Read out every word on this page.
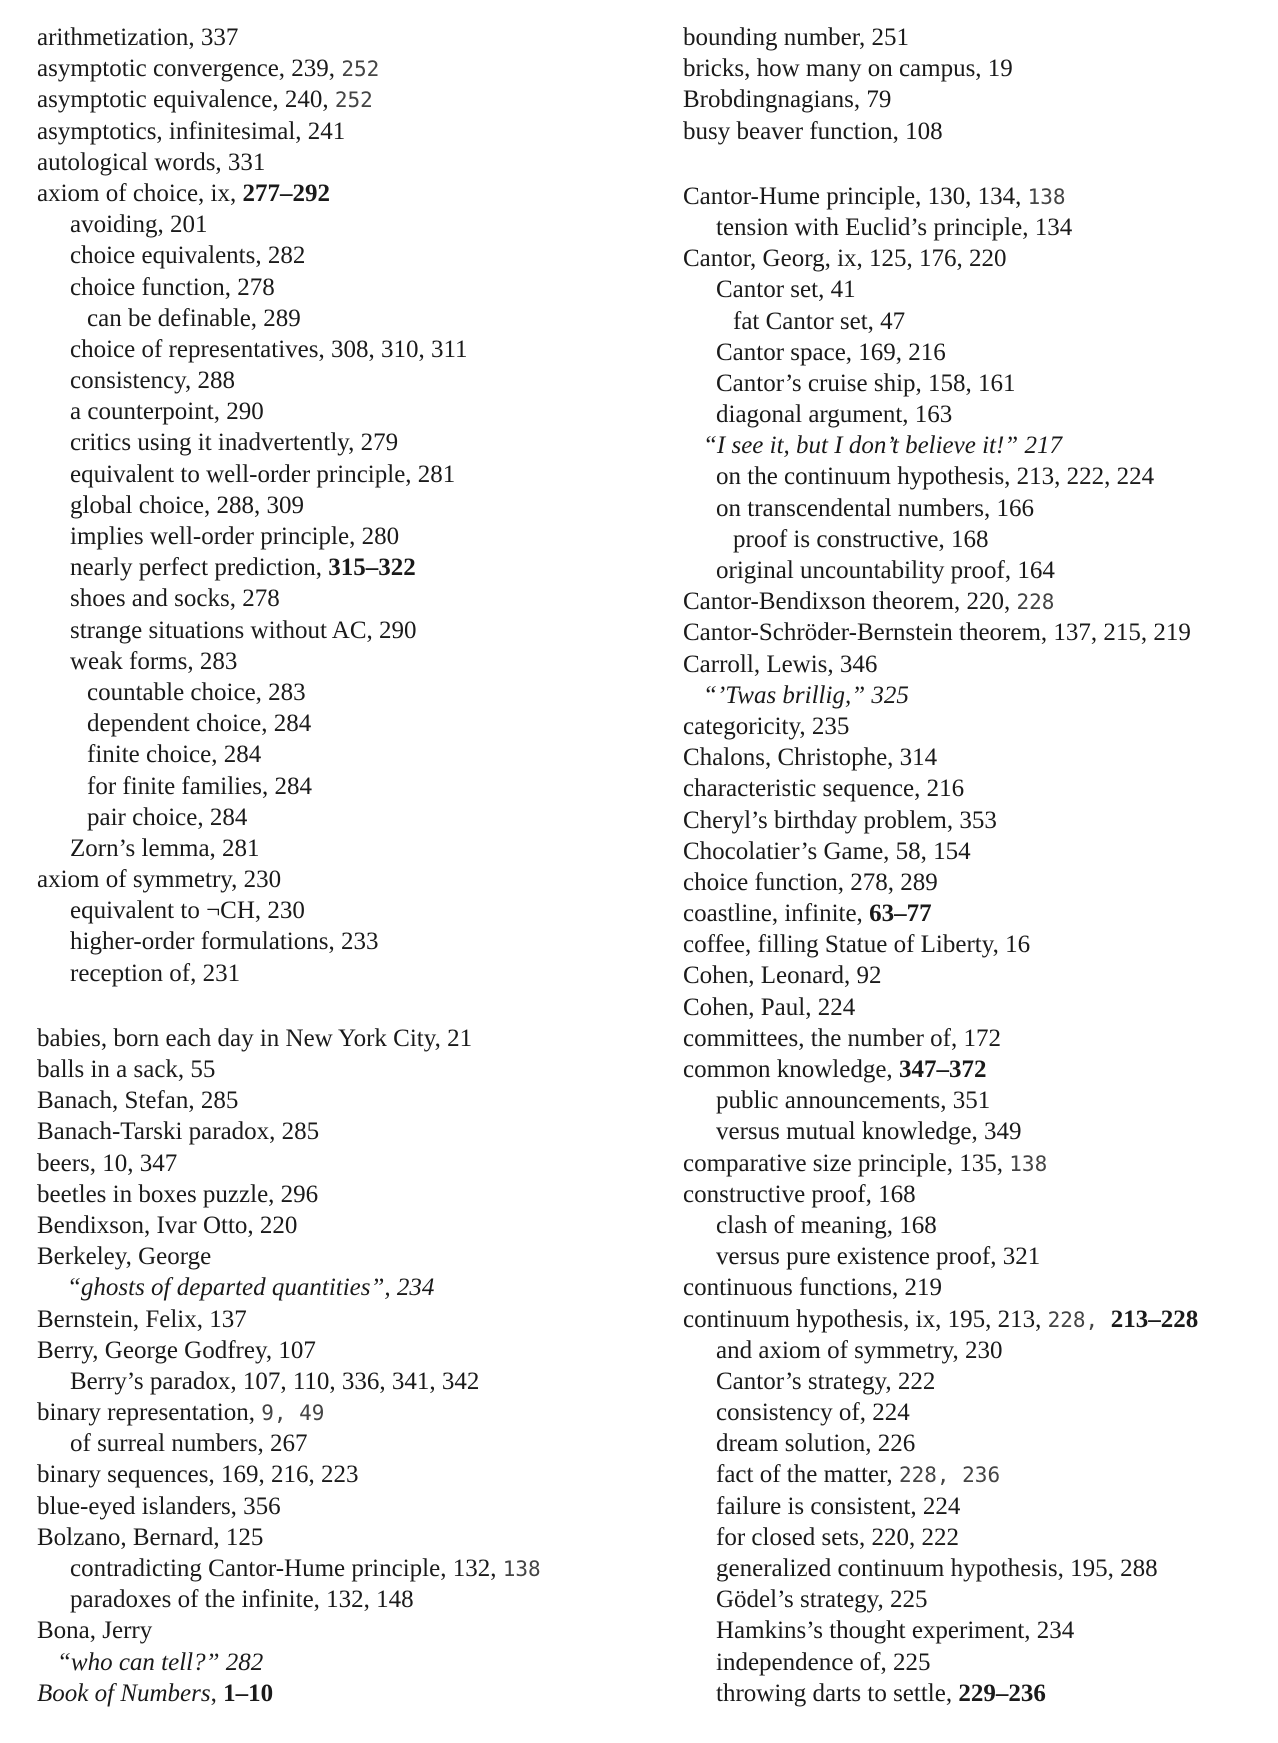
arithmetization, 337
asymptotic convergence, 239, 252
asymptotic equivalence, 240, 252
asymptotics, infinitesimal, 241
autological words, 331
axiom of choice, ix, 277–292
avoiding, 201
choice equivalents, 282
choice function, 278
can be definable, 289
choice of representatives, 308, 310, 311
consistency, 288
a counterpoint, 290
critics using it inadvertently, 279
equivalent to well-order principle, 281
global choice, 288, 309
implies well-order principle, 280
nearly perfect prediction, 315–322
shoes and socks, 278
strange situations without AC, 290
weak forms, 283
countable choice, 283
dependent choice, 284
finite choice, 284
for finite families, 284
pair choice, 284
Zorn’s lemma, 281
axiom of symmetry, 230
equivalent to ¬CH, 230
higher-order formulations, 233
reception of, 231
babies, born each day in New York City, 21
balls in a sack, 55
Banach, Stefan, 285
Banach-Tarski paradox, 285
beers, 10, 347
beetles in boxes puzzle, 296
Bendixson, Ivar Otto, 220
Berkeley, George
“ghosts of departed quantities”, 234
Bernstein, Felix, 137
Berry, George Godfrey, 107
Berry’s paradox, 107, 110, 336, 341, 342
binary representation, 9, 49
of surreal numbers, 267
binary sequences, 169, 216, 223
blue-eyed islanders, 356
Bolzano, Bernard, 125
contradicting Cantor-Hume principle, 132, 138
paradoxes of the infinite, 132, 148
Bona, Jerry
“who can tell?” 282
Book of Numbers, 1–10
bounding number, 251
bricks, how many on campus, 19
Brobdingnagians, 79
busy beaver function, 108
Cantor-Hume principle, 130, 134, 138
tension with Euclid’s principle, 134
Cantor, Georg, ix, 125, 176, 220
Cantor set, 41
fat Cantor set, 47
Cantor space, 169, 216
Cantor’s cruise ship, 158, 161
diagonal argument, 163
“I see it, but I don’t believe it!” 217
on the continuum hypothesis, 213, 222, 224
on transcendental numbers, 166
proof is constructive, 168
original uncountability proof, 164
Cantor-Bendixson theorem, 220, 228
Cantor-Schröder-Bernstein theorem, 137, 215, 219
Carroll, Lewis, 346
“’Twas brillig,” 325
categoricity, 235
Chalons, Christophe, 314
characteristic sequence, 216
Cheryl’s birthday problem, 353
Chocolatier’s Game, 58, 154
choice function, 278, 289
coastline, infinite, 63–77
coffee, filling Statue of Liberty, 16
Cohen, Leonard, 92
Cohen, Paul, 224
committees, the number of, 172
common knowledge, 347–372
public announcements, 351
versus mutual knowledge, 349
comparative size principle, 135, 138
constructive proof, 168
clash of meaning, 168
versus pure existence proof, 321
continuous functions, 219
continuum hypothesis, ix, 195, 213, 228, 213–228
and axiom of symmetry, 230
Cantor’s strategy, 222
consistency of, 224
dream solution, 226
fact of the matter, 228, 236
failure is consistent, 224
for closed sets, 220, 222
generalized continuum hypothesis, 195, 288
Gödel’s strategy, 225
Hamkins’s thought experiment, 234
independence of, 225
throwing darts to settle, 229–236
